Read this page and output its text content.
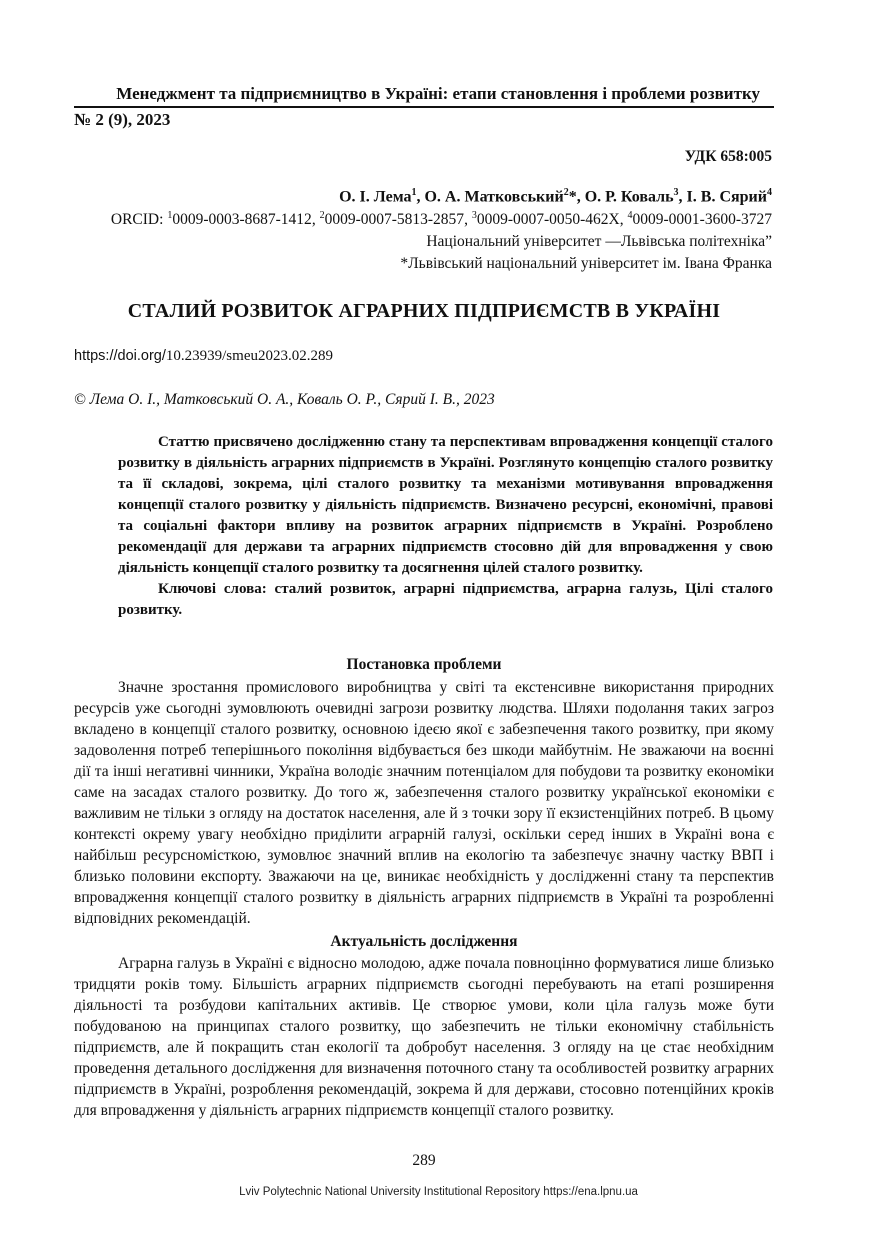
Менеджмент та підприємництво в Україні: етапи становлення і проблеми розвитку
№ 2 (9), 2023
УДК 658:005
О. І. Лема$^1$, О. А. Матковський$^2$*, О. Р. Коваль$^3$, І. В. Сярий$^4$
ORCID: $^1$0009-0003-8687-1412, $^2$0009-0007-5813-2857, $^3$0009-0007-0050-462X, $^4$0009-0001-3600-3727
Національний університет ―Львівська політехніка”
*Львівський національний університет ім. Івана Франка
СТАЛИЙ РОЗВИТОК АГРАРНИХ ПІДПРИЄМСТВ В УКРАЇНІ
https://doi.org/10.23939/smeu2023.02.289
© Лема О. І., Матковський О. А., Коваль О. Р., Сярий І. В., 2023

Статтю присвячено дослідженню стану та перспективам впровадження концепції сталого розвитку в діяльність аграрних підприємств в Україні. Розглянуто концепцію сталого розвитку та її складові, зокрема, цілі сталого розвитку та механізми мотивування впровадження концепції сталого розвитку у діяльність підприємств. Визначено ресурсні, економічні, правові та соціальні фактори впливу на розвиток аграрних підприємств в Україні. Розроблено рекомендації для держави та аграрних підприємств стосовно дій для впровадження у свою діяльність концепції сталого розвитку та досягнення цілей сталого розвитку.

Ключові слова: сталий розвиток, аграрні підприємства, аграрна галузь, Цілі сталого розвитку.

Постановка проблеми

Значне зростання промислового виробництва у світі та екстенсивне використання природних ресурсів уже сьогодні зумовлюють очевидні загрози розвитку людства. Шляхи подолання таких загроз вкладено в концепції сталого розвитку, основною ідеєю якої є забезпечення такого розвитку, при якому задоволення потреб теперішнього покоління відбувається без шкоди майбутнім. Не зважаючи на воєнні дії та інші негативні чинники, Україна володіє значним потенціалом для побудови та розвитку економіки саме на засадах сталого розвитку. До того ж, забезпечення сталого розвитку української економіки є важливим не тільки з огляду на достаток населення, але й з точки зору її екзистенційних потреб. В цьому контексті окрему увагу необхідно приділити аграрній галузі, оскільки серед інших в Україні вона є найбільш ресурсномісткою, зумовлює значний вплив на екологію та забезпечує значну частку ВВП і близько половини експорту. Зважаючи на це, виникає необхідність у дослідженні стану та перспектив впровадження концепції сталого розвитку в діяльність аграрних підприємств в Україні та розробленні відповідних рекомендацій.

Актуальність дослідження

Аграрна галузь в Україні є відносно молодою, адже почала повноцінно формуватися лише близько тридцяти років тому. Більшість аграрних підприємств сьогодні перебувають на етапі розширення діяльності та розбудови капітальних активів. Це створює умови, коли ціла галузь може бути побудованою на принципах сталого розвитку, що забезпечить не тільки економічну стабільність підприємств, але й покращить стан екології та добробут населення. З огляду на це стає необхідним проведення детального дослідження для визначення поточного стану та особливостей розвитку аграрних підприємств в Україні, розроблення рекомендацій, зокрема й для держави, стосовно потенційних кроків для впровадження у діяльність аграрних підприємств концепції сталого розвитку.

289
Lviv Polytechnic National University Institutional Repository https://ena.lpnu.ua
